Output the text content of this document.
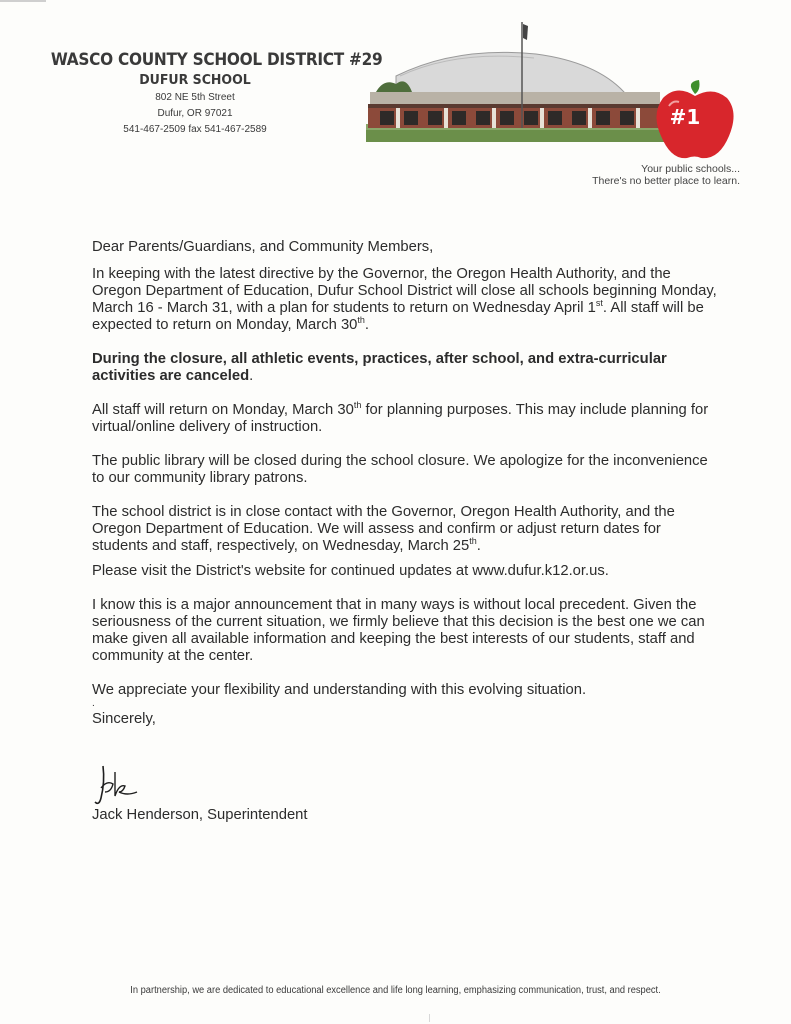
WASCO COUNTY SCHOOL DISTRICT #29
DUFUR SCHOOL
802 NE 5th Street
Dufur, OR 97021
541-467-2509 fax 541-467-2589
#1
Your public schools...
There's no better place to learn.

Dear Parents/Guardians, and Community Members,

In keeping with the latest directive by the Governor, the Oregon Health Authority, and the Oregon Department of Education, Dufur School District will close all schools beginning Monday, March 16 - March 31, with a plan for students to return on Wednesday April 1st. All staff will be expected to return on Monday, March 30th.

During the closure, all athletic events, practices, after school, and extra-curricular activities are canceled.

All staff will return on Monday, March 30th for planning purposes. This may include planning for virtual/online delivery of instruction.

The public library will be closed during the school closure. We apologize for the inconvenience to our community library patrons.

The school district is in close contact with the Governor, Oregon Health Authority, and the Oregon Department of Education. We will assess and confirm or adjust return dates for students and staff, respectively, on Wednesday, March 25th.

Please visit the District's website for continued updates at www.dufur.k12.or.us.

I know this is a major announcement that in many ways is without local precedent. Given the seriousness of the current situation, we firmly believe that this decision is the best one we can make given all available information and keeping the best interests of our students, staff and community at the center.

We appreciate your flexibility and understanding with this evolving situation.

.

Sincerely,

Jack Henderson, Superintendent
In partnership, we are dedicated to educational excellence and life long learning, emphasizing communication, trust, and respect.
